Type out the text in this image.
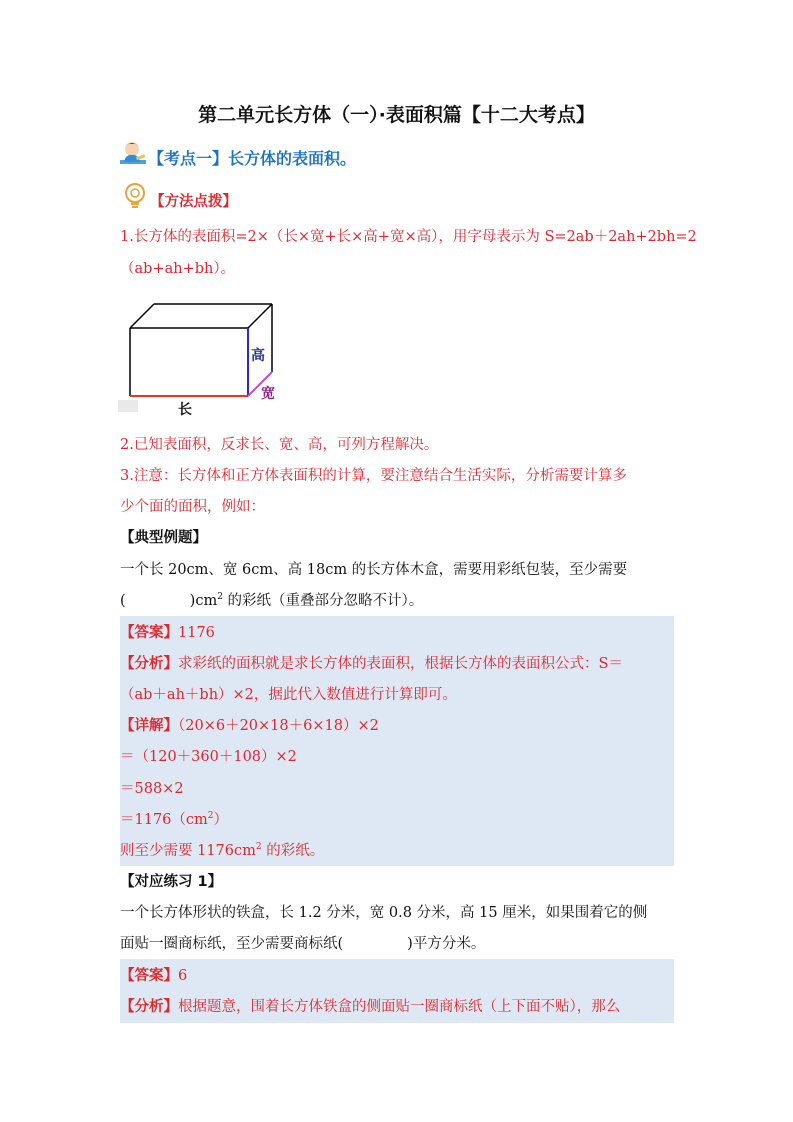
第二单元长方体（一）·表面积篇【十二大考点】
【考点一】长方体的表面积。
【方法点拨】
1.长方体的表面积=2×（长×宽+长×高+宽×高），用字母表示为 S=2ab＋2ah+2bh=2
（ab+ah+bh）。
长
高
宽
2.已知表面积，反求长、宽、高，可列方程解决。
3.注意：长方体和正方体表面积的计算，要注意结合生活实际，分析需要计算多
少个面的面积，例如：
【典型例题】
一个长 20cm、宽 6cm、高 18cm 的长方体木盒，需要用彩纸包装，至少需要
(	)$cm^2$ 的彩纸（重叠部分忽略不计）。
【答案】1176
【分析】求彩纸的面积就是求长方体的表面积，根据长方体的表面积公式：S＝
（ab＋ah＋bh）×2，据此代入数值进行计算即可。
【详解】（20×6＋20×18＋6×18）×2
＝（120＋360＋108）×2
＝588×2
$=1176(cm^2)$
则至少需要 $1176cm^2$ 的彩纸。
【对应练习 1】
一个长方体形状的铁盒，长 1.2 分米，宽 0.8 分米，高 15 厘米，如果围着它的侧
面贴一圈商标纸，至少需要商标纸(	)平方分米。
【答案】6
【分析】根据题意，围着长方体铁盒的侧面贴一圈商标纸（上下面不贴），那么
